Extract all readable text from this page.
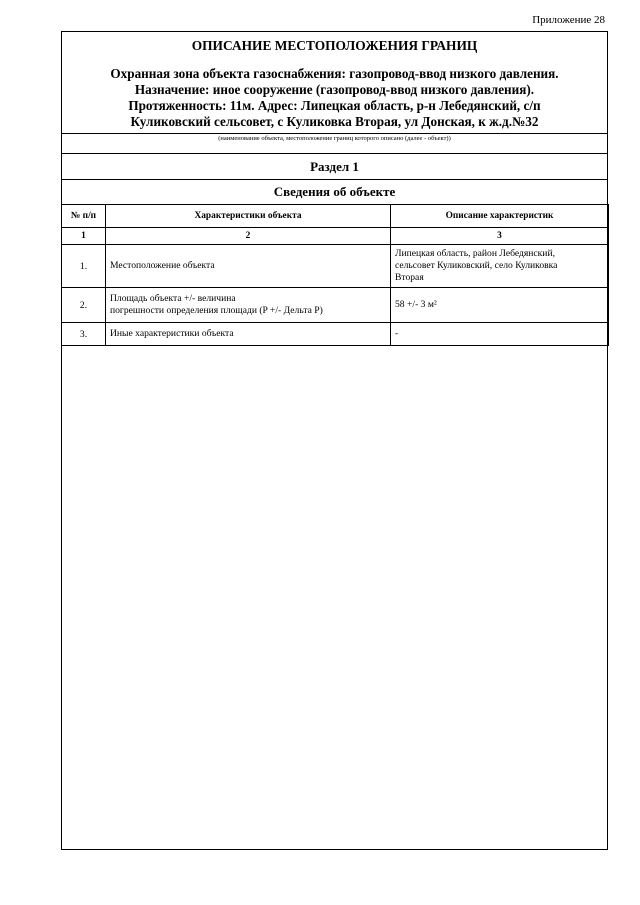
Приложение 28
ОПИСАНИЕ МЕСТОПОЛОЖЕНИЯ ГРАНИЦ
Охранная зона объекта газоснабжения: газопровод-ввод низкого давления.
Назначение: иное сооружение (газопровод-ввод низкого давления).
Протяженность: 11м. Адрес: Липецкая область, р-н Лебедянский, с/п
Куликовский сельсовет, с Куликовка Вторая, ул Донская, к ж.д.№32
(наименование объекта, местоположение границ которого описано (далее - объект))
Раздел 1
Сведения об объекте
№ п/п	Характеристики объекта	Описание характеристик
1	2	3
1.	Местоположение объекта	Липецкая область, район Лебедянский,
сельсовет Куликовский, село Куликовка
Вторая

2.	Площадь объекта +/- величина
погрешности определения площади (P +/- Дельта P)	58 +/- 3 м²

3.	Иные характеристики объекта	-
